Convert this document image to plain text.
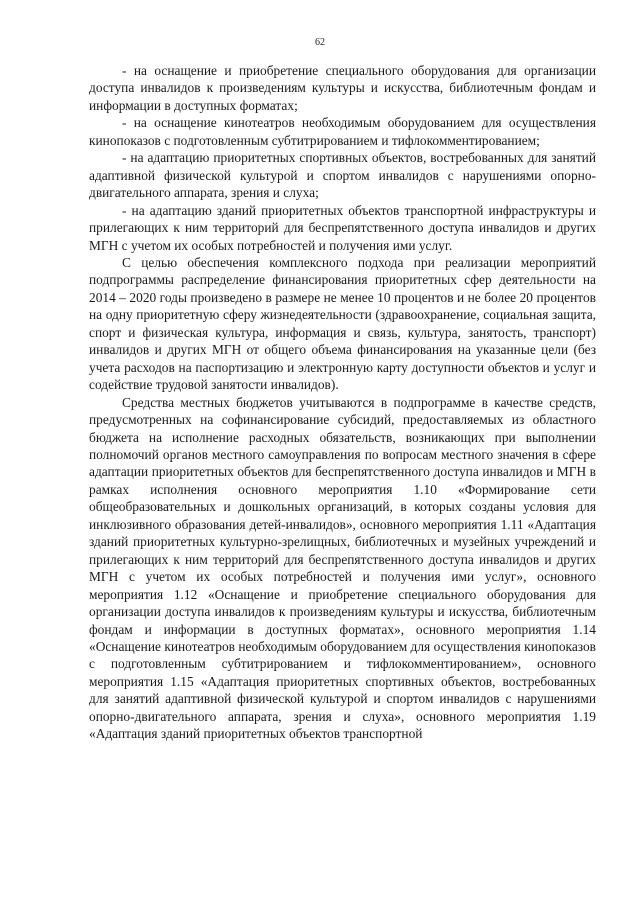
62

- на оснащение и приобретение специального оборудования для организации доступа инвалидов к произведениям культуры и искусства, библиотечным фондам и информации в доступных форматах;

- на оснащение кинотеатров необходимым оборудованием для осуществления кинопоказов с подготовленным субтитрированием и тифлокомментированием;

- на адаптацию приоритетных спортивных объектов, востребованных для занятий адаптивной физической культурой и спортом инвалидов с нарушениями опорно-двигательного аппарата, зрения и слуха;

- на адаптацию зданий приоритетных объектов транспортной инфраструктуры и прилегающих к ним территорий для беспрепятственного доступа инвалидов и других МГН с учетом их особых потребностей и получения ими услуг.

С целью обеспечения комплексного подхода при реализации мероприятий подпрограммы распределение финансирования приоритетных сфер деятельности на 2014 – 2020 годы произведено в размере не менее 10 процентов и не более 20 процентов на одну приоритетную сферу жизнедеятельности (здравоохранение, социальная защита, спорт и физическая культура, информация и связь, культура, занятость, транспорт) инвалидов и других МГН от общего объема финансирования на указанные цели (без учета расходов на паспортизацию и электронную карту доступности объектов и услуг и содействие трудовой занятости инвалидов).

Средства местных бюджетов учитываются в подпрограмме в качестве средств, предусмотренных на софинансирование субсидий, предоставляемых из областного бюджета на исполнение расходных обязательств, возникающих при выполнении полномочий органов местного самоуправления по вопросам местного значения в сфере адаптации приоритетных объектов для беспрепятственного доступа инвалидов и МГН в рамках исполнения основного мероприятия 1.10 «Формирование сети общеобразовательных и дошкольных организаций, в которых созданы условия для инклюзивного образования детей-инвалидов», основного мероприятия 1.11 «Адаптация зданий приоритетных культурно-зрелищных, библиотечных и музейных учреждений и прилегающих к ним территорий для беспрепятственного доступа инвалидов и других МГН с учетом их особых потребностей и получения ими услуг», основного мероприятия 1.12 «Оснащение и приобретение специального оборудования для организации доступа инвалидов к произведениям культуры и искусства, библиотечным фондам и информации в доступных форматах», основного мероприятия 1.14 «Оснащение кинотеатров необходимым оборудованием для осуществления кинопоказов с подготовленным субтитрированием и тифлокомментированием», основного мероприятия 1.15 «Адаптация приоритетных спортивных объектов, востребованных для занятий адаптивной физической культурой и спортом инвалидов с нарушениями опорно-двигательного аппарата, зрения и слуха», основного мероприятия 1.19 «Адаптация зданий приоритетных объектов транспортной
